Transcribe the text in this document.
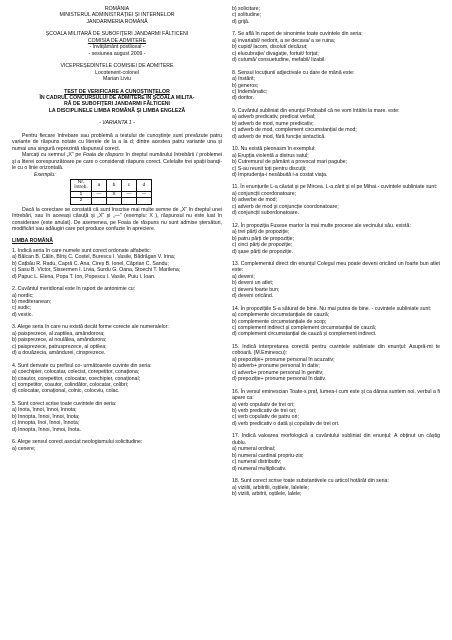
ROMÂNIA

MINISTERUL ADMINISTRAȚIEI ȘI INTERNELOR

JANDARMERIA ROMÂNĂ

ȘCOALA MILITARĂ DE SUBOFIȚERI JANDARMI FĂLTICENI

COMISIA DE ADMITERE

- învățământ postliceal -

- sesiunea august 2009 -

VICEPREȘEDINTELE COMISIEI DE ADMITERE

Locotenent-colonel

Marian Liviu

TEST DE VERIFICARE A CUNOȘTINȚELOR

ÎN CADRUL CONCURSULUI DE ADMITERE ÎN ȘCOALA MILITA-

RĂ DE SUBOFIȚERI JANDARMI FĂLTICENI

LA DISCIPLINELE LIMBA ROMÂNĂ ȘI LIMBA ENGLEZĂ

- VARIANTA 1 -

Pentru fiecare întrebare sau problemă a testului de cunoștințe sunt prevăzute patru variante de răspuns notate cu literele de la a la d; dintre acestea patru variante una și numai una singură reprezintă răspunsul corect.

Marcați cu semnul „X” pe Foaia de răspuns în dreptul numărului întrebării / problemei și a literei corespunzătoare pe care o considerați răspuns corect. Celelalte trei spații barați-le cu o linie orizontală.

Exemplu:

Nr. întreb.	a	b	c	d
1	—	X	—	—
2				

Dacă la corectare se constată că sunt înscrise mai multe semne de „X” în dreptul unei întrebări, sau în aceeași căsuță și „X” și „—” (exemplu: X ), răspunsul nu este luat în considerare (este anulat). De asemenea, pe Foaia de răspuns nu sunt admise ștersături, modificări sau adăugiri care pot produce confuzie în apreciere.

LIMBA ROMÂNĂ

1. Indică seria în care numele sunt corect ordonate alfabetic:

a) Bălcan B. Călin, Bîriș C. Costel, Burescu I. Vasile, Bădrăgan V. Irina;

b) Cațbău R. Radu, Capră C. Ana, Cireș B. Ionel, Căprian C. Sandu;

c) Sasu B. Victor, Sissermen I. Livia, Surdu G. Oana, Stoechi T. Marilena;

d) Papuc L. Elena, Popa T. Ion, Popescu I. Vasile, Puiu I. Ioan.

2. Cuvântul meridional este în raport de antonimie cu:

a) nordic;

b) mediteranean;

c) sudic;

d) vestic.

3. Alege seria în care nu există decât forme corecte ale numeralelor:

a) paisprezece, al zaptilea, amândorora;

b) paisprezece, al noulălea, amândurora;

c) paisprezece, patrusprezece, al optilea;

d) a douăzecia, amândurei, cinsprezece.

4. Sunt derivate cu prefixul co- următoarele cuvinte din seria:

a) coechipier, colocatar, colecist, corepetitor, conaționa;

b) coautor, corepetitor, colocatar, coechipier, conațional;

c) competitor, coautor, colindător, colocatar, colibri;

d) colocatar, conațional, colnic, colocviu, colac.

5. Sunt corect scrise toate cuvintele din seria:

a) Inota, înnoi, înnoi, înnota;

b) Innopta, înnoi, înnoi, înota;

c) Innopta, înoi, înnoi, înnota;

d) Innopta, înnoi, înmoi, înota.

6. Alege sensul corect asociat neologismului solicitudine:

a) cenere;

b) solicitare;

c) solitudine;

d) grijă.

7. Se află în raport de sinonimie toate cuvintele din seria:

a) invariabil/ nedorit, a se decava/ a se ruina;

b) cupid/ lacom, disolut/ decăzut;

c) elucubrație/ divagație, fortuit/ forțat;

d) cutumă/ consuetudine, mefabil/ lizabil.

8. Sensul locuțiunii adjectivale cu dare de mână este:

a) înstărit;

b) generos;

c) îndemânatic;

d) doritor.

9. Cuvântul subliniat din enunțul Probabil că ne vom întâlni la mare. este:

a) adverb predicativ, predicat verbal;

b) adverb de mod, nume predicativ;

c) adverb de mod, complement circumstanțial de mod;

d) adverb de mod, fără funcție sintactică.

10. Nu există pleonasm în exemplul:

a) Erupția violentă a distrus satul;

b) Cutremurul de pământ a provocat mari pagube;

c) S-au reunit toți pentru discuții;

d) Imprudența-i nesăbuită i-a costat viața.

11. În enunțurile L-a căutat și pe Mircea. L-a zărit și el pe Mihai.- cuvintele subliniate sunt:

a) conjuncții coordonatoare;

b) adverbe de mod;

c) adverb de mod și conjuncție coordonatoare;

d) conjuncții subordonatoare.

12. În propoziția Fusese martor la mai multe procese ale vecinului său. există:

a) trei părți de propoziție;

b) patru părți de propoziție;

c) cinci părți de propoziție;

d) șase părți de propoziție.

13. Complementul direct din enunțul Colegul meu poate deveni oricând un foarte bun atlet este:

a) deveni;

b) deveni un atlet;

c) deveni foarte bun;

d) deveni oricând.

14. În propozițiile S-a săturat de bine. Nu mai putea de bine. - cuvintele subliniate sunt:

a) complemente circumstanțiale de cauză;

b) complemente circumstanțiale de scop;

c) complement indirect și complement circumstanțial de cauză;

d) complement circumstanțial de cauză și complement indirect.

15. Indică interpretarea corectă pentru cuvintele subliniate din enunțul: Asupră-mi te coboară. (M.Eminescu):

a) prepoziție+ pronume personal în acuzativ;

b) adverb+ pronume personal în dativ;

c) adverb+ pronume personal în genitiv;

d) prepoziție+ pronume personal în dativ.

16. În versul eminescian Toate-s praf, lumea-i cum este și ca dânsa suntem noi. verbul a fi apare ca:

a) verb copulativ de trei ori;

b) verb predicativ de trei ori;

c) verb copulativ de patru ori;

d) verb predicativ o dată și copulativ de trei ori.

17. Indică valoarea morfologică a cuvântului subliniat din enunțul: A obținut un câștig dublu.

a) numeral ordinal;

b) numeral cardinal propriu-zis;

c) numeral distributiv;

d) numeral multiplicativ.

18. Sunt corect scrise toate substantivele cu articol hotărât din seria:

a) viziilii, arbitrilii, oștilele, lalelele;

b) viziili, arbitrii, oștilele, lalele;
